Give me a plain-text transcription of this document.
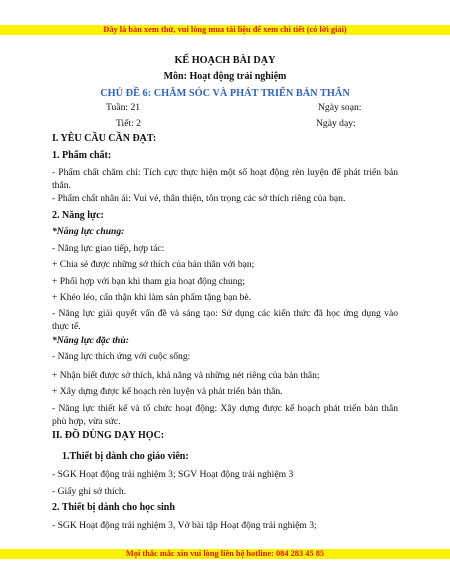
Đây là bản xem thử, vui lòng mua tài liệu để xem chi tiết (có lời giải)
KẾ HOẠCH BÀI DẠY
Môn: Hoạt động trải nghiệm
CHỦ ĐỀ 6: CHĂM SÓC VÀ PHÁT TRIỂN BẢN THÂN
Tuần: 21	Ngày soạn:
Tiết: 2	Ngày dạy:
I. YÊU CẦU CẦN ĐẠT:
1. Phẩm chất:
- Phẩm chất chăm chỉ: Tích cực thực hiện một số hoạt động rèn luyện để phát triển bản thân.
- Phẩm chất nhân ái: Vui vẻ, thân thiện, tôn trọng các sở thích riêng của bạn.
2. Năng lực:
*Năng lực chung:
- Năng lực giao tiếp, hợp tác:
+ Chia sẻ được những sở thích của bản thân với bạn;
+ Phối hợp với bạn khi tham gia hoạt động chung;
+ Khéo léo, cẩn thận khi làm sản phẩm tặng bạn bè.
- Năng lực giải quyết vấn đề và sáng tạo: Sử dụng các kiến thức đã học ứng dụng vào thực tế.
*Năng lực đặc thù:
- Năng lực thích ứng với cuộc sống:
+ Nhận biết được sở thích, khả năng và những nét riêng của bản thân;
+ Xây dựng được kế hoạch rèn luyện và phát triển bản thân.
- Năng lực thiết kế và tổ chức hoạt động: Xây dựng được kế hoạch phát triển bản thân phù hợp, vừa sức.
II. ĐỒ DÙNG DẠY HỌC:
1.Thiết bị dành cho giáo viên:
- SGK Hoạt động trải nghiệm 3; SGV Hoạt động trải nghiệm 3
- Giấy ghi sở thích.
2. Thiết bị dành cho học sinh
- SGK Hoạt động trải nghiệm 3, Vở bài tập Hoạt động trải nghiệm 3;
Mọi thắc mắc xin vui lòng liên hệ hotline: 084 283 45 85
